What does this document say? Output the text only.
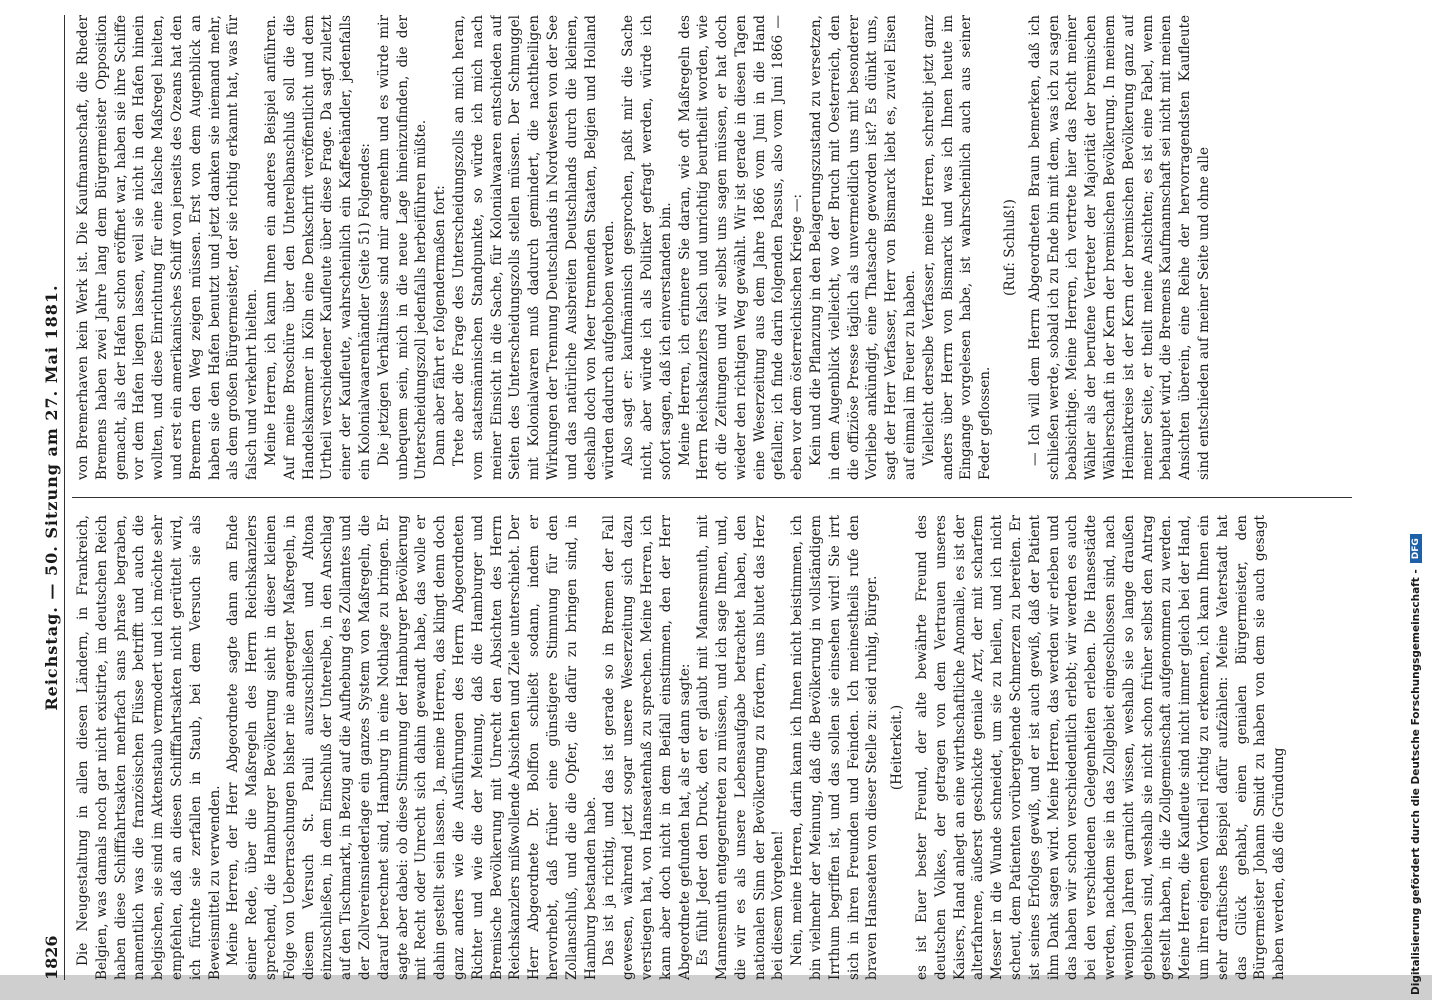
1826
Reichstag. — 50. Sitzung am 27. Mai 1881.

Die Neugestaltung in allen diesen Ländern, in Frankreich, Belgien, was damals noch gar nicht existirte, im deutschen Reich haben diese Schifffahrtsakten mehrfach sans phrase begraben, namentlich was die französischen Flüsse betrifft und auch die belgischen, sie sind im Aktenstaub vermodert und ich möchte sehr empfehlen, daß an diesen Schifffahrtsakten nicht gerüttelt wird, ich fürchte sie zerfallen in Staub, bei dem Versuch sie als Beweismittel zu verwenden. Meine Herren, der Herr Abgeordnete sagte dann am Ende seiner Rede, über die Maßregeln des Herrn Reichskanzlers sprechend, die Hamburger Bevölkerung sieht in dieser kleinen Folge von Ueberraschungen bisher nie angeregter Maßregeln, in diesem Versuch St. Pauli auszuschließen und Altona einzuschließen, in dem Einschluß der Unterelbe, in den Anschlag auf den Tischmarkt, in Bezug auf die Aufhebung des Zollamtes und der Zollvereinsniederlage ein ganzes System von Maßregeln, die darauf berechnet sind, Hamburg in eine Nothlage zu bringen. Er sagte aber dabei: ob diese Stimmung der Hamburger Bevölkerung mit Recht oder Unrecht sich dahin gewandt habe, das wolle er dahin gestellt sein lassen. Ja, meine Herren, das klingt denn doch ganz anders wie die Ausführungen des Herrn Abgeordneten Richter und wie die der Meinung, daß die Hamburger und Bremische Bevölkerung mit Unrecht den Absichten des Herrn Reichskanzlers mißwollende Absichten und Ziele unterschiebt. Der Herr Abgeordnete Dr. Bolffon schließt sodann, indem er hervorhebt, daß früher eine günstigere Stimmung für den Zollanschluß, und die die Opfer, die dafür zu bringen sind, in Hamburg bestanden habe. Das ist ja richtig, und das ist gerade so in Bremen der Fall gewesen, während jetzt sogar unsere Weserzeitung sich dazu verstiegen hat, von Hanseatenhaß zu sprechen. Meine Herren, ich kann aber doch nicht in dem Beifall einstimmen, den der Herr Abgeordnete gefunden hat, als er dann sagte: Es fühlt Jeder den Druck, den er glaubt mit Mannesmuth, mit Mannesmuth entgegentreten zu müssen, und ich sage Ihnen, und, die wir es als unsere Lebensaufgabe betrachtet haben, den nationalen Sinn der Bevölkerung zu fördern, uns blutet das Herz bei diesem Vorgehen! Nein, meine Herren, darin kann ich Ihnen nicht beistimmen, ich bin vielmehr der Meinung, daß die Bevölkerung in vollständigem Irrthum begriffen ist, und das sollen sie einsehen wird! Sie irrt sich in ihren Freunden und Feinden. Ich meinestheils rufe den braven Hanseaten von dieser Stelle zu: seid ruhig, Bürger. (Heiterkeit.) es ist Euer bester Freund, der alte bewährte Freund des deutschen Volkes, der getragen von dem Vertrauen unseres Kaisers, Hand anlegt an eine wirthschaftliche Anomalie, es ist der alterfahrene, äußerst geschickte geniale Arzt, der mit scharfem Messer in die Wunde schneidet, um sie zu heilen, und ich nicht scheut, dem Patienten vorübergehende Schmerzen zu bereiten. Er ist seines Erfolges gewiß, und er ist auch gewiß, daß der Patient ihm Dank sagen wird. Meine Herren, das werden wir erleben und das haben wir schon verschiedentlich erlebt; wir werden es auch bei den verschiedenen Gelegenheiten erleben. Die Hansestädte werden, nachdem sie in das Zollgebiet eingeschlossen sind, nach wenigen Jahren garnicht wissen, weshalb sie so lange draußen geblieben sind, weshalb sie nicht schon früher selbst den Antrag gestellt haben, in die Zollgemeinschaft aufgenommen zu werden. Meine Herren, die Kaufleute sind nicht immer gleich bei der Hand, um ihren eigenen Vortheil richtig zu erkennen, ich kann Ihnen ein sehr draftisches Beispiel dafür aufzählen: Meine Vaterstadt hat das Glück gehabt, einen genialen Bürgermeister, den Bürgermeister Johann Smidt zu haben von dem sie auch gesagt haben werden, daß die Gründung

von Bremerhaven kein Werk ist. Die Kaufmannschaft, die Rheder Bremens haben zwei Jahre lang dem Bürgermeister Opposition gemacht, als der Hafen schon eröffnet war, haben sie ihre Schiffe vor dem Hafen liegen lassen, weil sie nicht in den Hafen hinein wollten, und diese Einrichtung für eine falsche Maßregel hielten, und erst ein amerikanisches Schiff von jenseits des Ozeans hat den Bremern den Weg zeigen müssen. Erst von dem Augenblick an haben sie den Hafen benutzt und jetzt danken sie niemand mehr, als dem großen Bürgermeister, der sie richtig erkannt hat, was für falsch und verkehrt hielten. Meine Herren, ich kann Ihnen ein anderes Beispiel anführen. Auf meine Broschüre über den Unterelbanschluß soll die die Handelskammer in Köln eine Denkschrift veröffentlicht und dem Urtheil verschiedener Kaufleute über diese Frage. Da sagt zuletzt einer der Kaufleute, wahrscheinlich ein Kaffeehändler, jedenfalls ein Kolonialwaarenhändler (Seite 51) Folgendes: Die jetzigen Verhältnisse sind mir angenehm und es würde mir unbequem sein, mich in die neue Lage hineinzufinden, die der Unterscheidungszoll jedenfalls herbeiführen müßte. Dann aber fährt er folgendermaßen fort: Trete aber die Frage des Unterscheidungszolls an mich heran, vom staatsmännischen Standpunkte, so würde ich mich nach meiner Einsicht in die Sache, für Kolonialwaaren entschieden auf Seiten des Unterscheidungszolls stellen müssen. Der Schmuggel mit Kolonialwaren muß dadurch gemindert, die nachtheiligen Wirkungen der Trennung Deutschlands in Nordwesten von der See und das natürliche Ausbreiten Deutschlands durch die kleinen, deshalb doch von Meer trennenden Staaten, Belgien und Holland würden dadurch aufgehoben werden. Also sagt er: kaufmännisch gesprochen, paßt mir die Sache nicht, aber würde ich als Politiker gefragt werden, würde ich sofort sagen, daß ich einverstanden bin. Meine Herren, ich erinnere Sie daran, wie oft Maßregeln des Herrn Reichskanzlers falsch und unrichtig beurtheilt worden, wie oft die Zeitungen und wir selbst uns sagen müssen, er hat doch wieder den richtigen Weg gewählt. Wir ist gerade in diesen Tagen eine Weserzeitung aus dem Jahre 1866 vom Juni in die Hand gefallen; ich finde darin folgenden Passus, also vom Juni 1866 — eben vor dem österreichischen Kriege —: Kein und die Pflanzung in den Belagerungszustand zu versetzen, in dem Augenblick vielleicht, wo der Bruch mit Oesterreich, den die offiziöse Presse täglich als unvermeidlich uns mit besonderer Vorliebe ankündigt, eine Thatsache geworden ist? Es dünkt uns, sagt der Herr Verfasser, Herr von Bismarck liebt es, zuviel Eisen auf einmal im Feuer zu haben. Vielleicht derselbe Verfasser, meine Herren, schreibt jetzt ganz anders über Herrn von Bismarck und was ich Ihnen heute im Eingange vorgelesen habe, ist wahrscheinlich auch aus seiner Feder geflossen.

(Ruf: Schluß!) — Ich will dem Herrn Abgeordneten Braun bemerken, daß ich schließen werde, sobald ich zu Ende bin mit dem, was ich zu sagen beabsichtige. Meine Herren, ich vertrete hier das Recht meiner Wähler als der berufene Vertreter der Majorität der bremischen Wählerschaft in der Kern der bremischen Bevölkerung. In meinem Heimatkreise ist der Kern der bremischen Bevölkerung ganz auf meiner Seite, er theilt meine Ansichten; es ist eine Fabel, wenn behauptet wird, die Bremens Kaufmannschaft sei nicht mit meinen Ansichten überein, eine Reihe der hervorragendsten Kaufleute sind entschieden auf meiner Seite und ohne alle

Digitalisierung gefördert durch die Deutsche Forschungsgemeinschaft -
DFG
